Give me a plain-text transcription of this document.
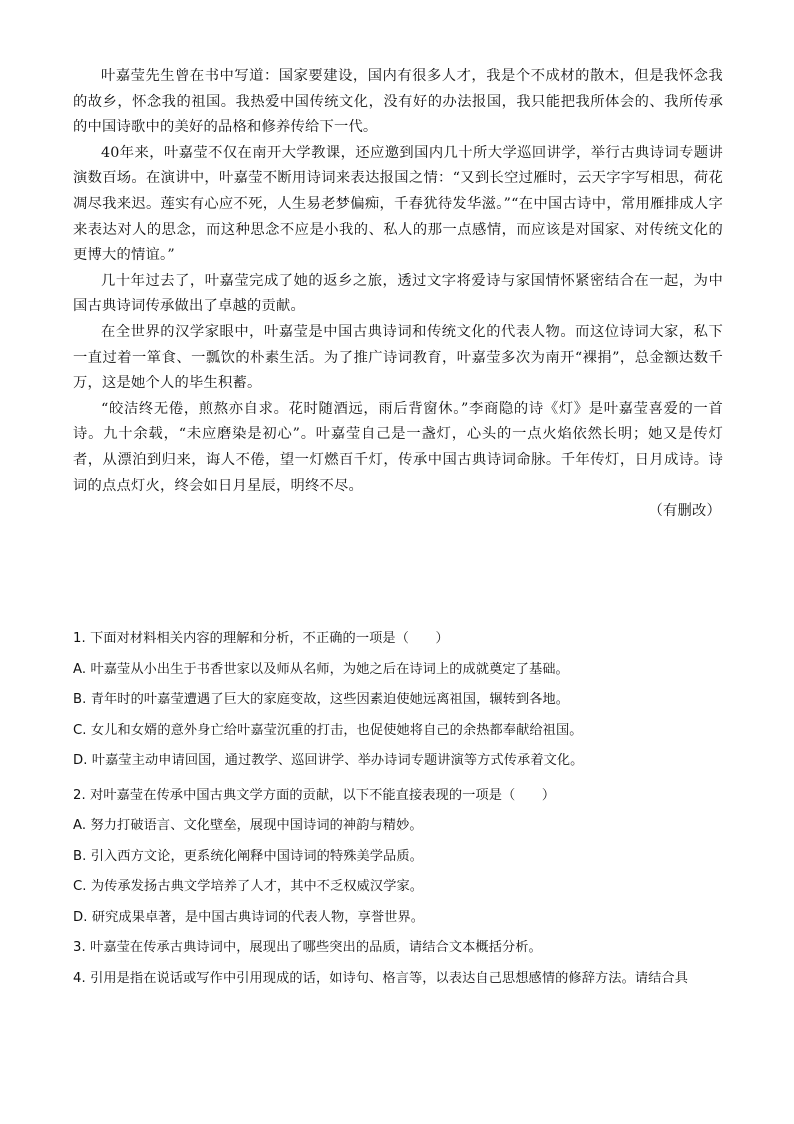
叶嘉莹先生曾在书中写道：国家要建设，国内有很多人才，我是个不成材的散木，但是我怀念我的故乡，怀念我的祖国。我热爱中国传统文化，没有好的办法报国，我只能把我所体会的、我所传承的中国诗歌中的美好的品格和修养传给下一代。

40年来，叶嘉莹不仅在南开大学教课，还应邀到国内几十所大学巡回讲学，举行古典诗词专题讲演数百场。在演讲中，叶嘉莹不断用诗词来表达报国之情：“又到长空过雁时，云天字字写相思，荷花凋尽我来迟。莲实有心应不死，人生易老梦偏痴，千春犹待发华滋。”“在中国古诗中，常用雁排成人字来表达对人的思念，而这种思念不应是小我的、私人的那一点感情，而应该是对国家、对传统文化的更博大的情谊。”

几十年过去了，叶嘉莹完成了她的返乡之旅，透过文字将爱诗与家国情怀紧密结合在一起，为中国古典诗词传承做出了卓越的贡献。

在全世界的汉学家眼中，叶嘉莹是中国古典诗词和传统文化的代表人物。而这位诗词大家，私下一直过着一箪食、一瓢饮的朴素生活。为了推广诗词教育，叶嘉莹多次为南开“裸捐”，总金额达数千万，这是她个人的毕生积蓄。

“皎洁终无倦，煎熬亦自求。花时随酒远，雨后背窗休。”李商隐的诗《灯》是叶嘉莹喜爱的一首诗。九十余载，“未应磨染是初心”。叶嘉莹自己是一盏灯，心头的一点火焰依然长明；她又是传灯者，从漂泊到归来，诲人不倦，望一灯燃百千灯，传承中国古典诗词命脉。千年传灯，日月成诗。诗词的点点灯火，终会如日月星辰，明终不尽。

（有删改）

1. 下面对材料相关内容的理解和分析，不正确的一项是（　　）

A. 叶嘉莹从小出生于书香世家以及师从名师，为她之后在诗词上的成就奠定了基础。

B. 青年时的叶嘉莹遭遇了巨大的家庭变故，这些因素迫使她远离祖国，辗转到各地。

C. 女儿和女婿的意外身亡给叶嘉莹沉重的打击，也促使她将自己的余热都奉献给祖国。

D. 叶嘉莹主动申请回国，通过教学、巡回讲学、举办诗词专题讲演等方式传承着文化。

2. 对叶嘉莹在传承中国古典文学方面的贡献，以下不能直接表现的一项是（　　）

A. 努力打破语言、文化壁垒，展现中国诗词的神韵与精妙。

B. 引入西方文论，更系统化阐释中国诗词的特殊美学品质。

C. 为传承发扬古典文学培养了人才，其中不乏权威汉学家。

D. 研究成果卓著，是中国古典诗词的代表人物，享誉世界。

3. 叶嘉莹在传承古典诗词中，展现出了哪些突出的品质，请结合文本概括分析。

4. 引用是指在说话或写作中引用现成的话，如诗句、格言等，以表达自己思想感情的修辞方法。请结合具
